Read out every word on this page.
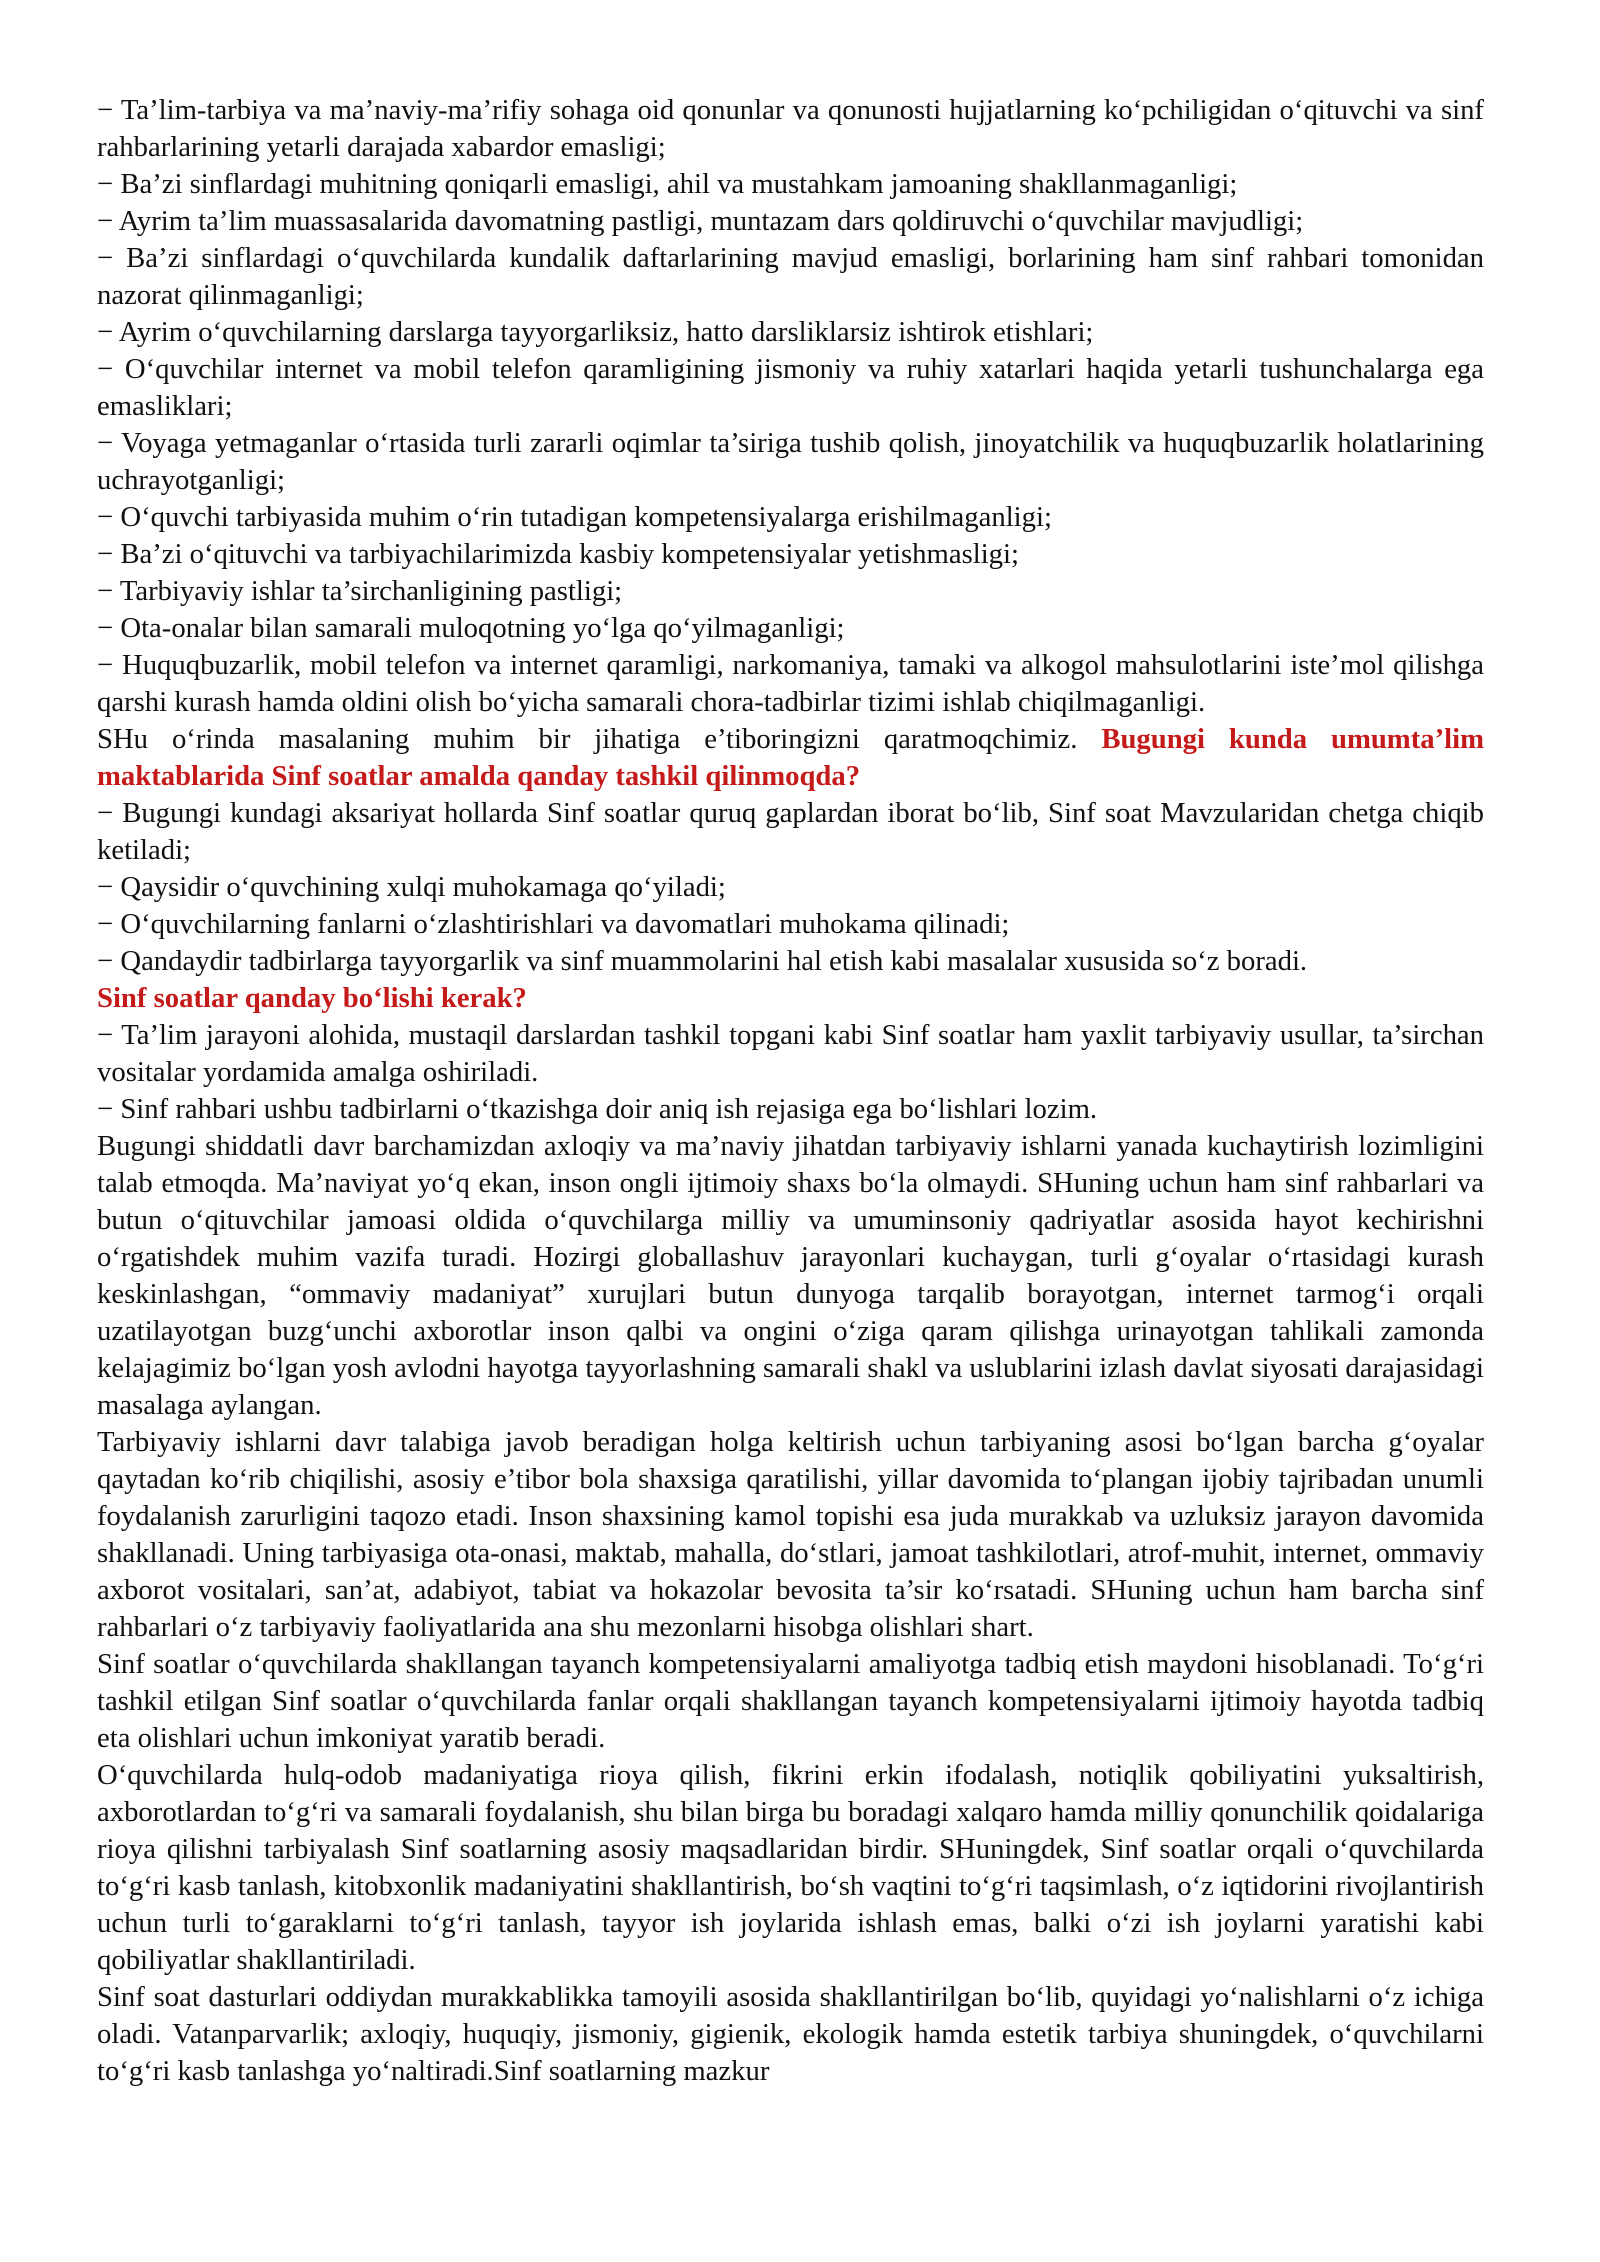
− Ta’lim-tarbiya va ma’naviy-ma’rifiy sohaga oid qonunlar va qonunosti hujjatlarning ko‘pchiligidan o‘qituvchi va sinf rahbarlarining yetarli darajada xabardor emasligi;

− Ba’zi sinflardagi muhitning qoniqarli emasligi, ahil va mustahkam jamoaning shakllanmaganligi;

− Ayrim ta’lim muassasalarida davomatning pastligi, muntazam dars qoldiruvchi o‘quvchilar mavjudligi;

− Ba’zi sinflardagi o‘quvchilarda kundalik daftarlarining mavjud emasligi, borlarining ham sinf rahbari tomonidan nazorat qilinmaganligi;

− Ayrim o‘quvchilarning darslarga tayyorgarliksiz, hatto darsliklarsiz ishtirok etishlari;

− O‘quvchilar internet va mobil telefon qaramligining jismoniy va ruhiy xatarlari haqida yetarli tushunchalarga ega emasliklari;

− Voyaga yetmaganlar o‘rtasida turli zararli oqimlar ta’siriga tushib qolish, jinoyatchilik va huquqbuzarlik holatlarining uchrayotganligi;

− O‘quvchi tarbiyasida muhim o‘rin tutadigan kompetensiyalarga erishilmaganligi;

− Ba’zi o‘qituvchi va tarbiyachilarimizda kasbiy kompetensiyalar yetishmasligi;

− Tarbiyaviy ishlar ta’sirchanligining pastligi;

− Ota-onalar bilan samarali muloqotning yo‘lga qo‘yilmaganligi;

− Huquqbuzarlik, mobil telefon va internet qaramligi, narkomaniya, tamaki va alkogol mahsulotlarini iste’mol qilishga qarshi kurash hamda oldini olish bo‘yicha samarali chora-tadbirlar tizimi ishlab chiqilmaganligi.

SHu o‘rinda masalaning muhim bir jihatiga e’tiboringizni qaratmoqchimiz. Bugungi kunda umumta’lim maktablarida Sinf soatlar amalda qanday tashkil qilinmoqda?

− Bugungi kundagi aksariyat hollarda Sinf soatlar quruq gaplardan iborat bo‘lib, Sinf soat Mavzularidan chetga chiqib ketiladi;

− Qaysidir o‘quvchining xulqi muhokamaga qo‘yiladi;

− O‘quvchilarning fanlarni o‘zlashtirishlari va davomatlari muhokama qilinadi;

− Qandaydir tadbirlarga tayyorgarlik va sinf muammolarini hal etish kabi masalalar xususida so‘z boradi.

Sinf soatlar qanday bo‘lishi kerak?

− Ta’lim jarayoni alohida, mustaqil darslardan tashkil topgani kabi Sinf soatlar ham yaxlit tarbiyaviy usullar, ta’sirchan vositalar yordamida amalga oshiriladi.

− Sinf rahbari ushbu tadbirlarni o‘tkazishga doir aniq ish rejasiga ega bo‘lishlari lozim.

Bugungi shiddatli davr barchamizdan axloqiy va ma’naviy jihatdan tarbiyaviy ishlarni yanada kuchaytirish lozimligini talab etmoqda. Ma’naviyat yo‘q ekan, inson ongli ijtimoiy shaxs bo‘la olmaydi. SHuning uchun ham sinf rahbarlari va butun o‘qituvchilar jamoasi oldida o‘quvchilarga milliy va umuminsoniy qadriyatlar asosida hayot kechirishni o‘rgatishdek muhim vazifa turadi. Hozirgi globallashuv jarayonlari kuchaygan, turli g‘oyalar o‘rtasidagi kurash keskinlashgan, “ommaviy madaniyat” xurujlari butun dunyoga tarqalib borayotgan, internet tarmog‘i orqali uzatilayotgan buzg‘unchi axborotlar inson qalbi va ongini o‘ziga qaram qilishga urinayotgan tahlikali zamonda kelajagimiz bo‘lgan yosh avlodni hayotga tayyorlashning samarali shakl va uslublarini izlash davlat siyosati darajasidagi masalaga aylangan.

Tarbiyaviy ishlarni davr talabiga javob beradigan holga keltirish uchun tarbiyaning asosi bo‘lgan barcha g‘oyalar qaytadan ko‘rib chiqilishi, asosiy e’tibor bola shaxsiga qaratilishi, yillar davomida to‘plangan ijobiy tajribadan unumli foydalanish zarurligini taqozo etadi. Inson shaxsining kamol topishi esa juda murakkab va uzluksiz jarayon davomida shakllanadi. Uning tarbiyasiga ota-onasi, maktab, mahalla, do‘stlari, jamoat tashkilotlari, atrof-muhit, internet, ommaviy axborot vositalari, san’at, adabiyot, tabiat va hokazolar bevosita ta’sir ko‘rsatadi. SHuning uchun ham barcha sinf rahbarlari o‘z tarbiyaviy faoliyatlarida ana shu mezonlarni hisobga olishlari shart.

Sinf soatlar o‘quvchilarda shakllangan tayanch kompetensiyalarni amaliyotga tadbiq etish maydoni hisoblanadi. To‘g‘ri tashkil etilgan Sinf soatlar o‘quvchilarda fanlar orqali shakllangan tayanch kompetensiyalarni ijtimoiy hayotda tadbiq eta olishlari uchun imkoniyat yaratib beradi.

O‘quvchilarda hulq-odob madaniyatiga rioya qilish, fikrini erkin ifodalash, notiqlik qobiliyatini yuksaltirish, axborotlardan to‘g‘ri va samarali foydalanish, shu bilan birga bu boradagi xalqaro hamda milliy qonunchilik qoidalariga rioya qilishni tarbiyalash Sinf soatlarning asosiy maqsadlaridan birdir. SHuningdek, Sinf soatlar orqali o‘quvchilarda to‘g‘ri kasb tanlash, kitobxonlik madaniyatini shakllantirish, bo‘sh vaqtini to‘g‘ri taqsimlash, o‘z iqtidorini rivojlantirish uchun turli to‘garaklarni to‘g‘ri tanlash, tayyor ish joylarida ishlash emas, balki o‘zi ish joylarni yaratishi kabi qobiliyatlar shakllantiriladi.

Sinf soat dasturlari oddiydan murakkablikka tamoyili asosida shakllantirilgan bo‘lib, quyidagi yo‘nalishlarni o‘z ichiga oladi. Vatanparvarlik; axloqiy, huquqiy, jismoniy, gigienik, ekologik hamda estetik tarbiya shuningdek, o‘quvchilarni to‘g‘ri kasb tanlashga yo‘naltiradi.Sinf soatlarning mazkur
